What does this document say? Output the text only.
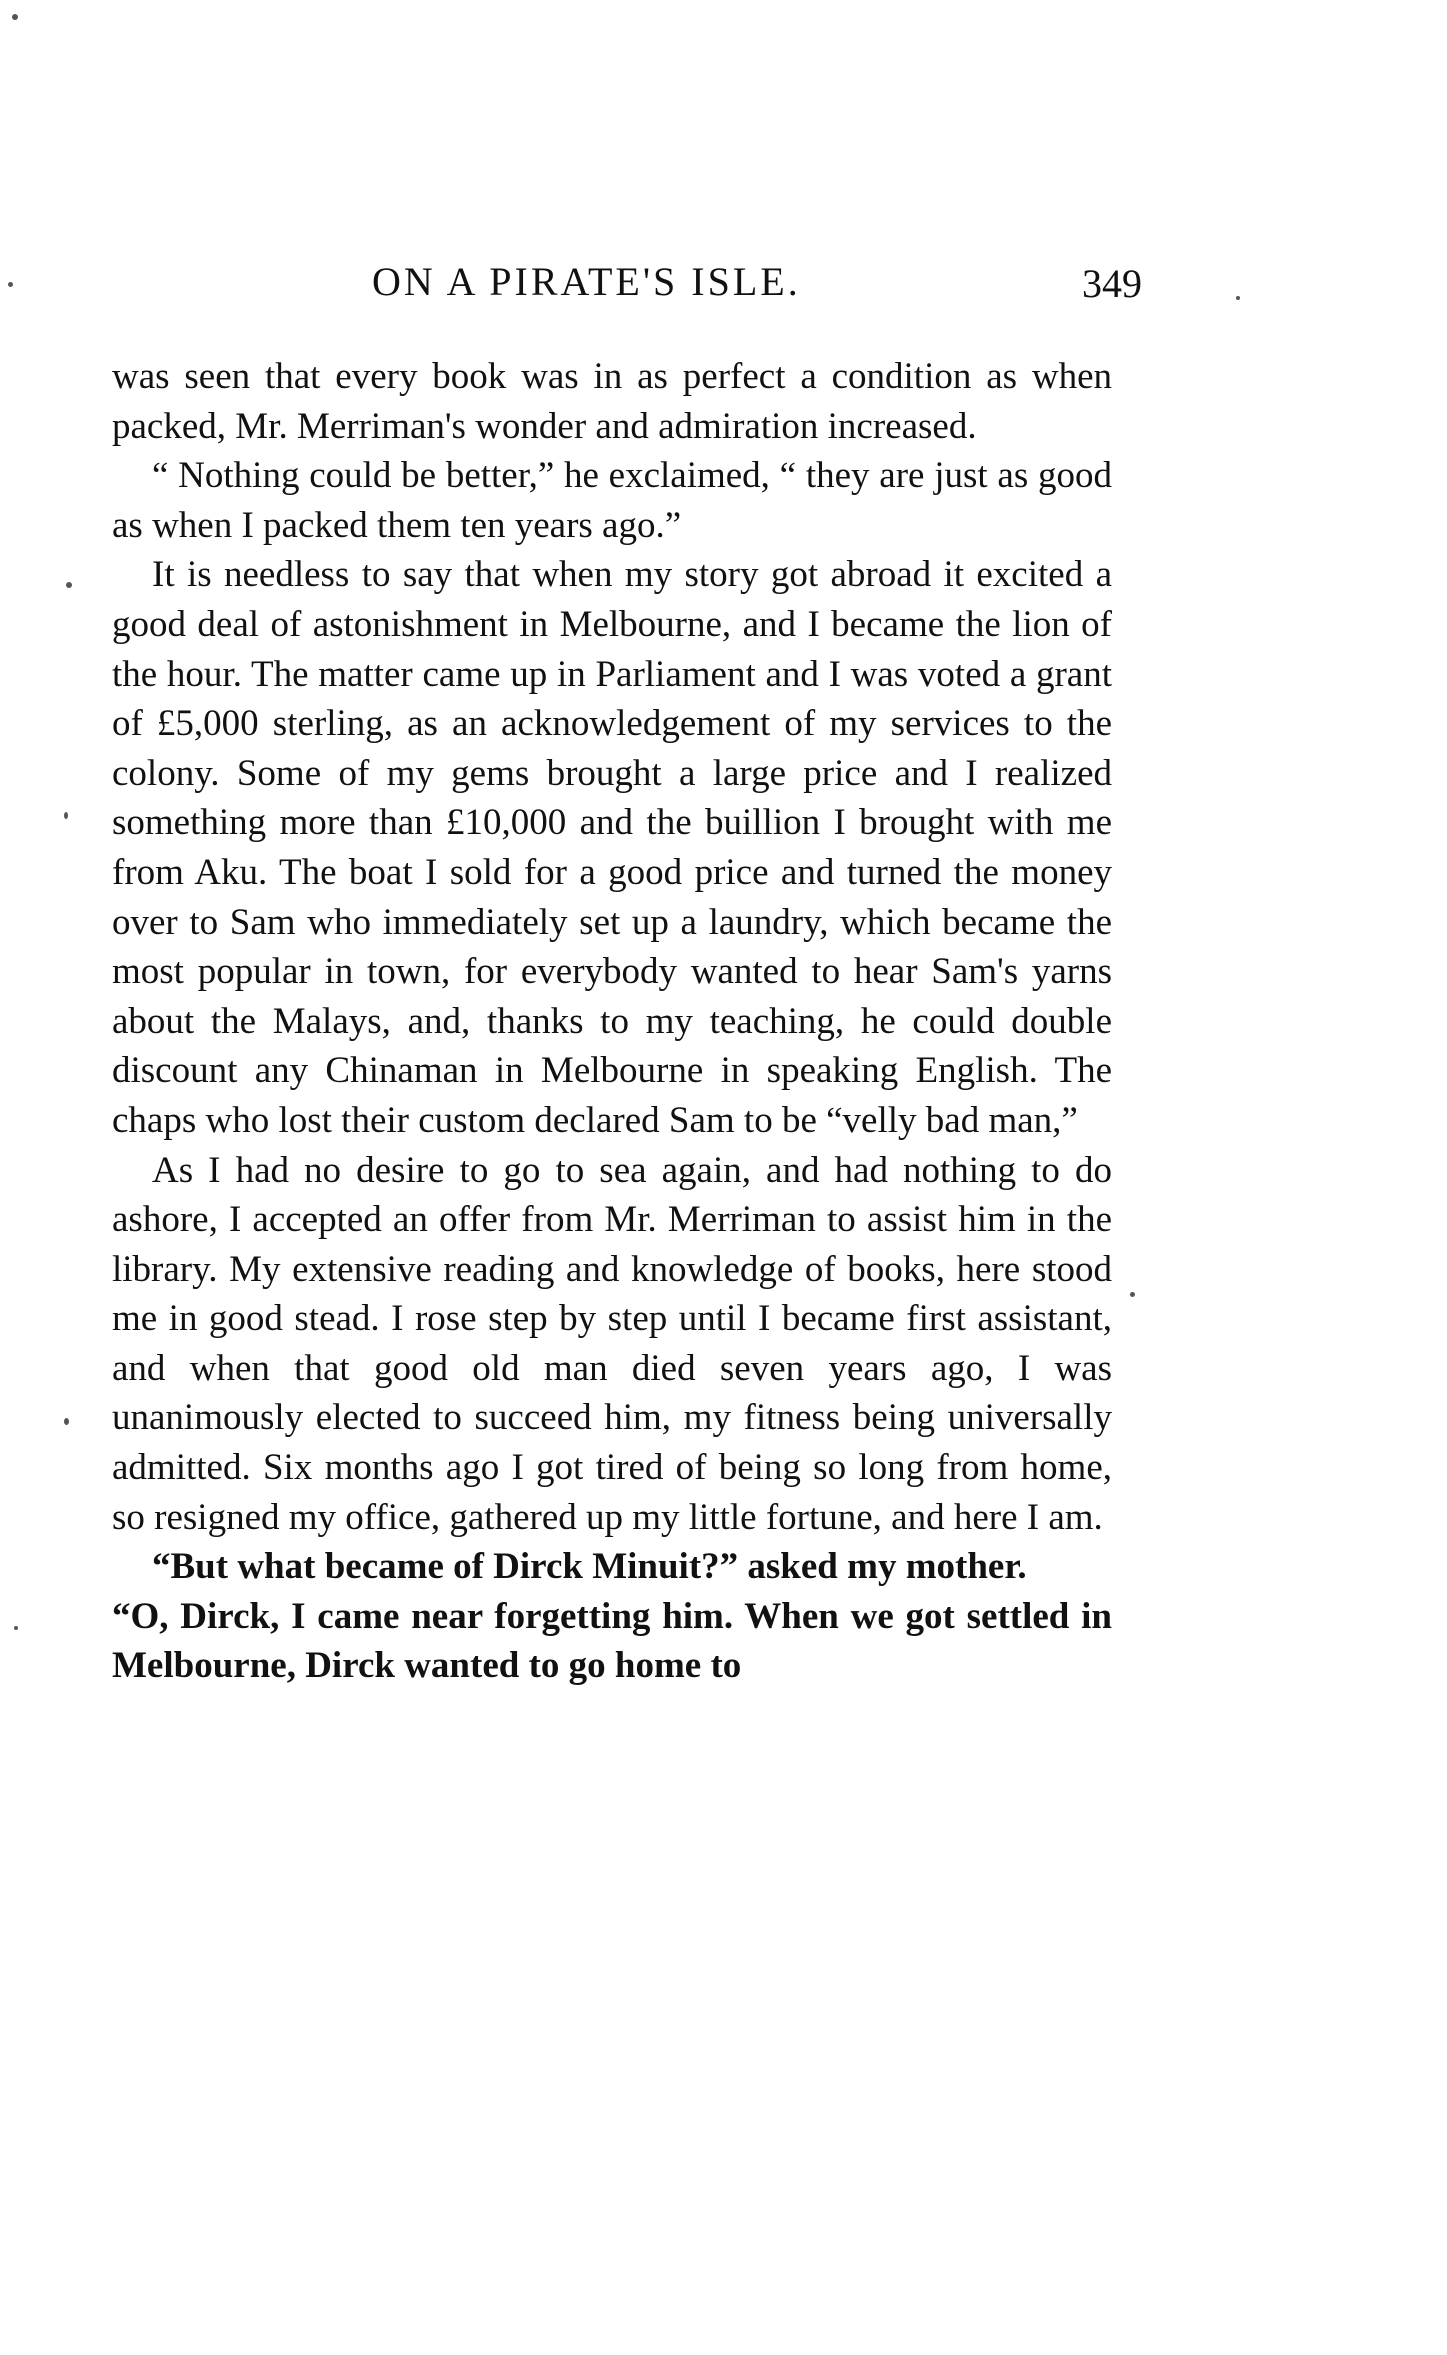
ON A PIRATE'S ISLE.	349

was seen that every book was in as perfect a condition as when packed, Mr. Merriman's wonder and admiration increased.

“ Nothing could be better,” he exclaimed, “ they are just as good as when I packed them ten years ago.”

It is needless to say that when my story got abroad it excited a good deal of astonishment in Melbourne, and I became the lion of the hour. The matter came up in Parliament and I was voted a grant of £5,000 sterling, as an acknowledgement of my services to the colony. Some of my gems brought a large price and I realized something more than £10,000 and the buillion I brought with me from Aku. The boat I sold for a good price and turned the money over to Sam who immediately set up a laundry, which became the most popular in town, for everybody wanted to hear Sam's yarns about the Malays, and, thanks to my teaching, he could double discount any Chinaman in Melbourne in speaking English. The chaps who lost their custom declared Sam to be “velly bad man,”

As I had no desire to go to sea again, and had nothing to do ashore, I accepted an offer from Mr. Merriman to assist him in the library. My extensive reading and knowledge of books, here stood me in good stead. I rose step by step until I became first assistant, and when that good old man died seven years ago, I was unanimously elected to succeed him, my fitness being universally admitted. Six months ago I got tired of being so long from home, so resigned my office, gathered up my little fortune, and here I am.

“But what became of Dirck Minuit?” asked my mother.

“O, Dirck, I came near forgetting him. When we got settled in Melbourne, Dirck wanted to go home to
